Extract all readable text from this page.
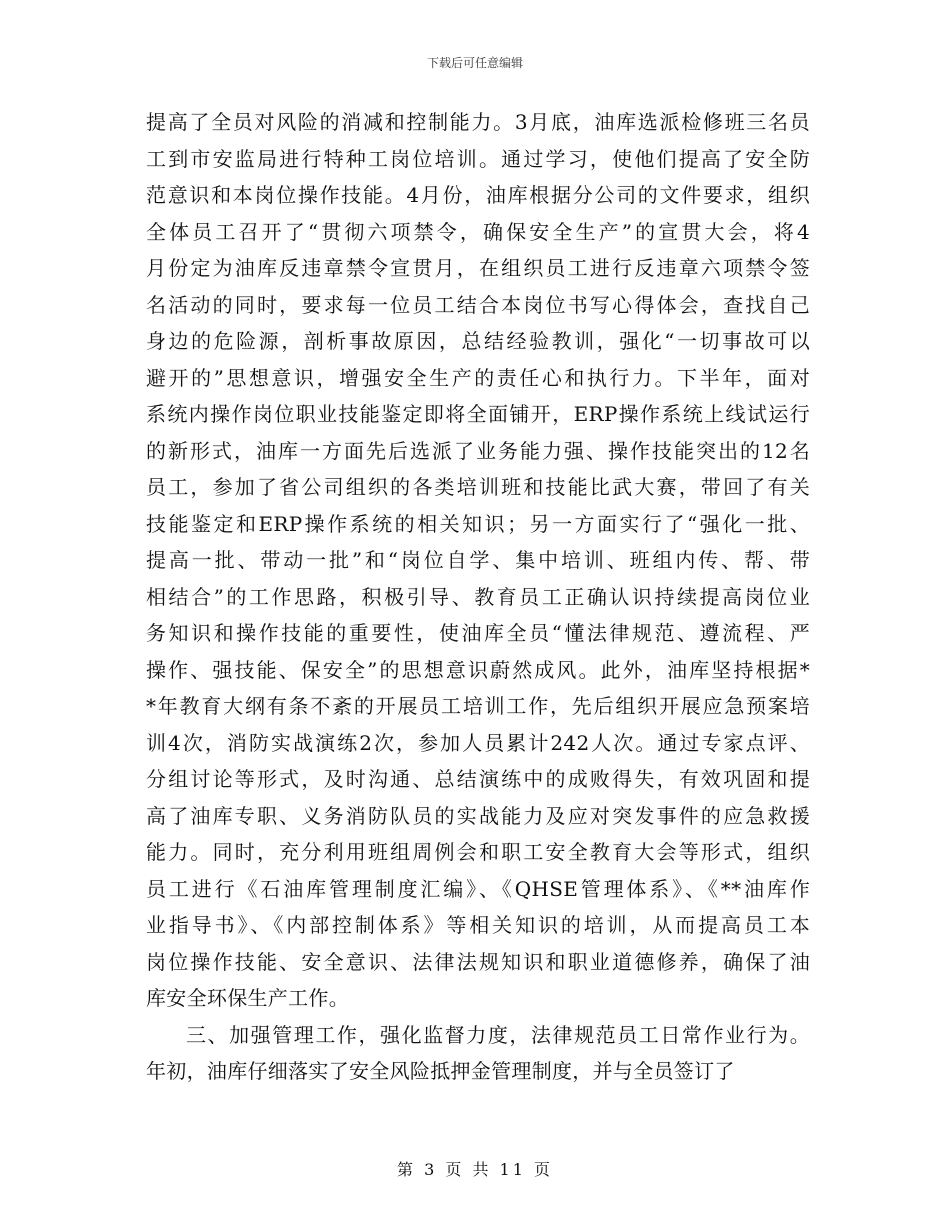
下载后可任意编辑
提高了全员对风险的消减和控制能力。3月底，油库选派检修班三名员
工到市安监局进行特种工岗位培训。通过学习，使他们提高了安全防
范意识和本岗位操作技能。4月份，油库根据分公司的文件要求，组织
全体员工召开了“贯彻六项禁令，确保安全生产”的宣贯大会，将4
月份定为油库反违章禁令宣贯月，在组织员工进行反违章六项禁令签
名活动的同时，要求每一位员工结合本岗位书写心得体会，查找自己
身边的危险源，剖析事故原因，总结经验教训，强化“一切事故可以
避开的”思想意识，增强安全生产的责任心和执行力。下半年，面对
系统内操作岗位职业技能鉴定即将全面铺开，ERP操作系统上线试运行
的新形式，油库一方面先后选派了业务能力强、操作技能突出的12名
员工，参加了省公司组织的各类培训班和技能比武大赛，带回了有关
技能鉴定和ERP操作系统的相关知识；另一方面实行了“强化一批、
提高一批、带动一批”和“岗位自学、集中培训、班组内传、帮、带
相结合”的工作思路，积极引导、教育员工正确认识持续提高岗位业
务知识和操作技能的重要性，使油库全员“懂法律规范、遵流程、严
操作、强技能、保安全”的思想意识蔚然成风。此外，油库坚持根据*
*年教育大纲有条不紊的开展员工培训工作，先后组织开展应急预案培
训4次，消防实战演练2次，参加人员累计242人次。通过专家点评、
分组讨论等形式，及时沟通、总结演练中的成败得失，有效巩固和提
高了油库专职、义务消防队员的实战能力及应对突发事件的应急救援
能力。同时，充分利用班组周例会和职工安全教育大会等形式，组织
员工进行《石油库管理制度汇编》、《QHSE管理体系》、《**油库作
业指导书》、《内部控制体系》等相关知识的培训，从而提高员工本
岗位操作技能、安全意识、法律法规知识和职业道德修养，确保了油
库安全环保生产工作。
三、加强管理工作，强化监督力度，法律规范员工日常作业行为。
年初，油库仔细落实了安全风险抵押金管理制度，并与全员签订了
第 3 页 共 11 页
